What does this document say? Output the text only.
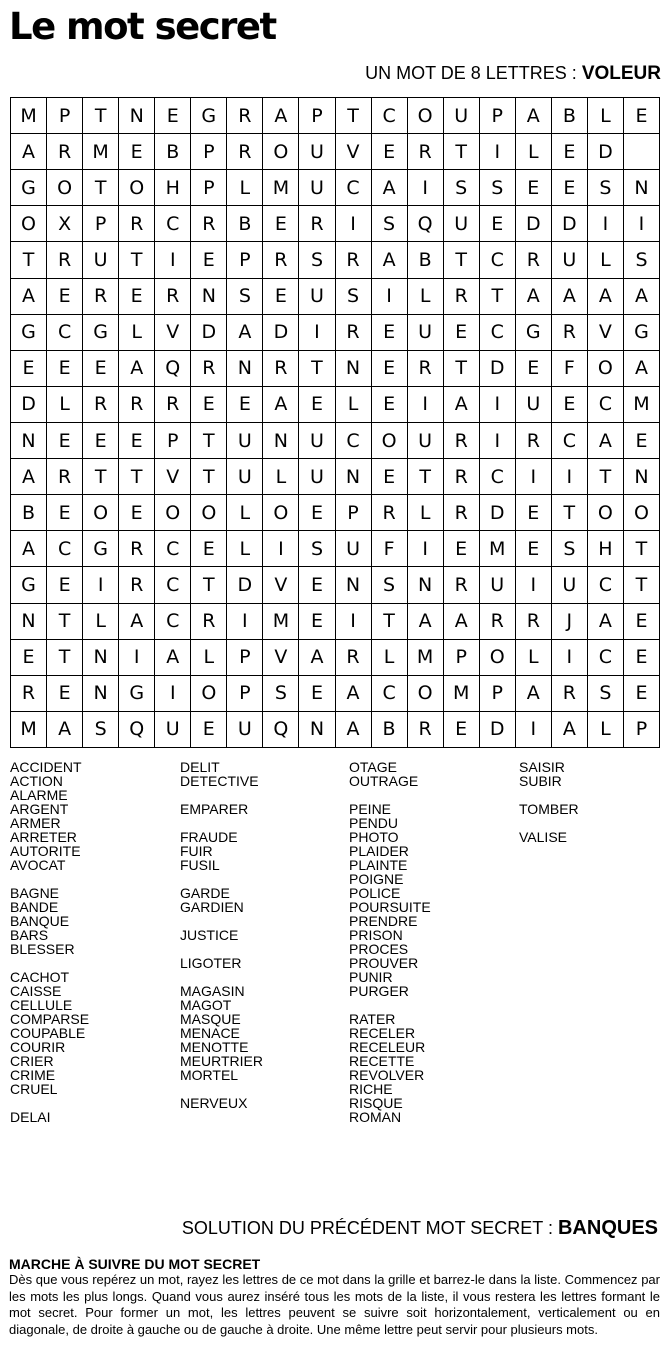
Le mot secret
UN MOT DE 8 LETTRES : VOLEUR
M	P	T	N	E	G	R	A	P	T	C	O	U	P	A	B	L	E
A	R	M	E	B	P	R	O	U	V	E	R	T	I	L	E	D
G	O	T	O	H	P	L	M	U	C	A	I	S	S	E	E	S	N
O	X	P	R	C	R	B	E	R	I	S	Q	U	E	D	D	I	I
T	R	U	T	I	E	P	R	S	R	A	B	T	C	R	U	L	S
A	E	R	E	R	N	S	E	U	S	I	L	R	T	A	A	A	A
G	C	G	L	V	D	A	D	I	R	E	U	E	C	G	R	V	G
E	E	E	A	Q	R	N	R	T	N	E	R	T	D	E	F	O	A
D	L	R	R	R	E	E	A	E	L	E	I	A	I	U	E	C	M
N	E	E	E	P	T	U	N	U	C	O	U	R	I	R	C	A	E
A	R	T	T	V	T	U	L	U	N	E	T	R	C	I	I	T	N
B	E	O	E	O	O	L	O	E	P	R	L	R	D	E	T	O	O
A	C	G	R	C	E	L	I	S	U	F	I	E	M	E	S	H	T
G	E	I	R	C	T	D	V	E	N	S	N	R	U	I	U	C	T
N	T	L	A	C	R	I	M	E	I	T	A	A	R	R	J	A	E
E	T	N	I	A	L	P	V	A	R	L	M	P	O	L	I	C	E
R	E	N	G	I	O	P	S	E	A	C	O	M	P	A	R	S	E
M	A	S	Q	U	E	U	Q	N	A	B	R	E	D	I	A	L	P
ACCIDENT
ACTION
ALARME
ARGENT
ARMER
ARRETER
AUTORITE
AVOCAT
BAGNE
BANDE
BANQUE
BARS
BLESSER
CACHOT
CAISSE
CELLULE
COMPARSE
COUPABLE
COURIR
CRIER
CRIME
CRUEL
DELAI
DELIT
DETECTIVE
EMPARER
FRAUDE
FUIR
FUSIL
GARDE
GARDIEN
JUSTICE
LIGOTER
MAGASIN
MAGOT
MASQUE
MENACE
MENOTTE
MEURTRIER
MORTEL
NERVEUX
OTAGE
OUTRAGE
PEINE
PENDU
PHOTO
PLAIDER
PLAINTE
POIGNE
POLICE
POURSUITE
PRENDRE
PRISON
PROCES
PROUVER
PUNIR
PURGER
RATER
RECELER
RECELEUR
RECETTE
REVOLVER
RICHE
RISQUE
ROMAN
SAISIR
SUBIR
TOMBER
VALISE
SOLUTION DU PRÉCÉDENT MOT SECRET : BANQUES
MARCHE À SUIVRE DU MOT SECRET

Dès que vous repérez un mot, rayez les lettres de ce mot dans la grille et barrez-le dans la liste. Commencez par les mots les plus longs. Quand vous aurez inséré tous les mots de la liste, il vous restera les lettres formant le mot secret. Pour former un mot, les lettres peuvent se suivre soit horizontalement, verticalement ou en diagonale, de droite à gauche ou de gauche à droite. Une même lettre peut servir pour plusieurs mots.
